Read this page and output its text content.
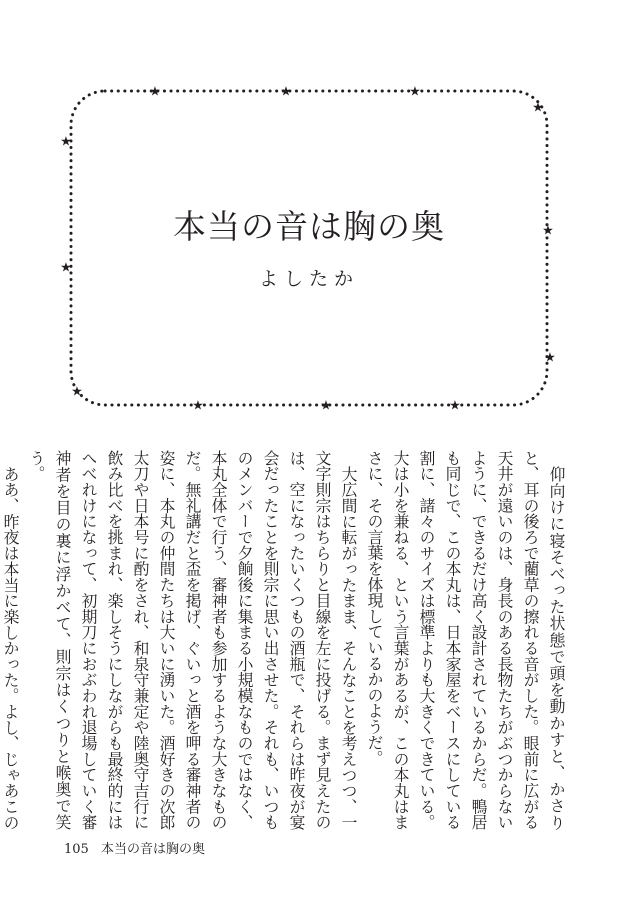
★
★	★	★
★
★
★
★
★
★
★
★
本当の音は胸の奥
よしたか

仰向けに寝そべった状態で頭を動かすと、かさりと、耳の後ろで藺草の擦れる音がした。眼前に広がる天井が遠いのは、身長のある長物たちがぶつからないように、できるだけ高く設計されているからだ。鴨居も同じで、この本丸は、日本家屋をベースにしている割に、諸々のサイズは標準よりも大きくできている。大は小を兼ねる、という言葉があるが、この本丸はまさに、その言葉を体現しているかのようだ。

大広間に転がったまま、そんなことを考えつつ、一文字則宗はちらりと目線を左に投げる。まず見えたのは、空になったいくつもの酒瓶で、それらは昨夜が宴会だったことを則宗に思い出させた。それも、いつものメンバーで夕餉後に集まる小規模なものではなく、本丸全体で行う、審神者も参加するような大きなものだ。無礼講だと盃を掲げ、ぐいっと酒を呷る審神者の姿に、本丸の仲間たちは大いに湧いた。酒好きの次郎太刀や日本号に酌をされ、和泉守兼定や陸奥守吉行に飲み比べを挑まれ、楽しそうにしながらも最終的にはへべれけになって、初期刀におぶわれ退場していく審神者を目の裏に浮かべて、則宗はくつりと喉奥で笑う。

ああ、昨夜は本当に楽しかった。よし、じゃあこの

105 本当の音は胸の奥
